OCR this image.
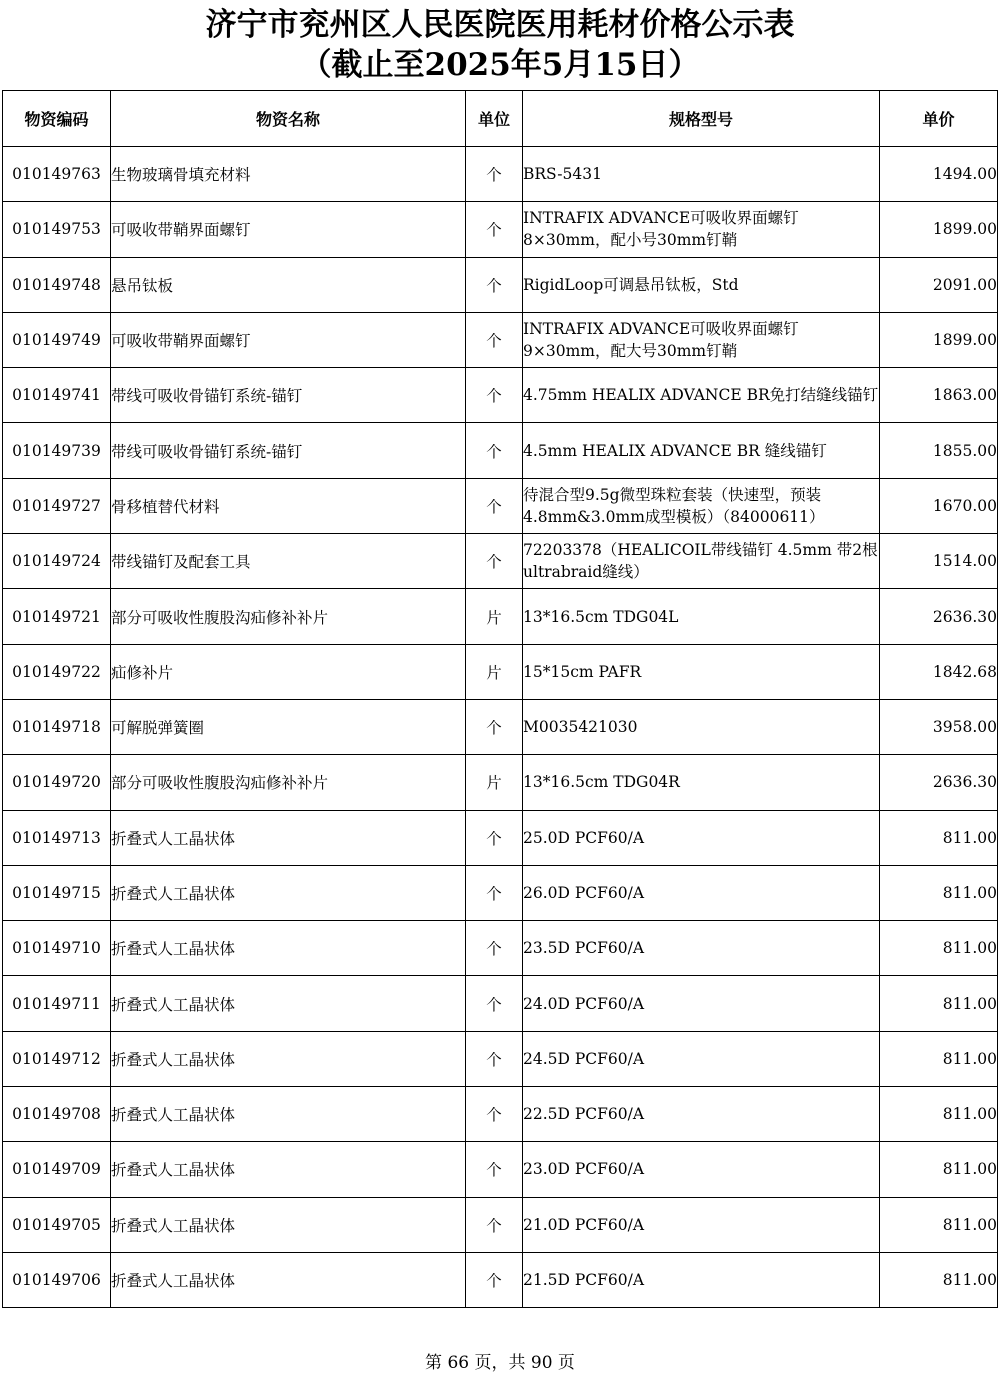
济宁市兖州区人民医院医用耗材价格公示表
（截止至2025年5月15日）
物资编码	物资名称	单位	规格型号	单价
010149763	生物玻璃骨填充材料	个	BRS-5431	1494.00
010149753	可吸收带鞘界面螺钉	个	INTRAFIX ADVANCE可吸收界面螺钉8×30mm，配小号30mm钉鞘	1899.00
010149748	悬吊钛板	个	RigidLoop可调悬吊钛板，Std	2091.00
010149749	可吸收带鞘界面螺钉	个	INTRAFIX ADVANCE可吸收界面螺钉9×30mm，配大号30mm钉鞘	1899.00
010149741	带线可吸收骨锚钉系统-锚钉	个	4.75mm HEALIX ADVANCE BR免打结缝线锚钉	1863.00
010149739	带线可吸收骨锚钉系统-锚钉	个	4.5mm HEALIX ADVANCE BR 缝线锚钉	1855.00
010149727	骨移植替代材料	个	待混合型9.5g微型珠粒套装（快速型，预装4.8mm&3.0mm成型模板）（84000611）	1670.00
010149724	带线锚钉及配套工具	个	72203378（HEALICOIL带线锚钉 4.5mm 带2根ultrabraid缝线）	1514.00
010149721	部分可吸收性腹股沟疝修补补片	片	13*16.5cm TDG04L	2636.30
010149722	疝修补片	片	15*15cm PAFR	1842.68
010149718	可解脱弹簧圈	个	M0035421030	3958.00
010149720	部分可吸收性腹股沟疝修补补片	片	13*16.5cm TDG04R	2636.30
010149713	折叠式人工晶状体	个	25.0D PCF60/A	811.00
010149715	折叠式人工晶状体	个	26.0D PCF60/A	811.00
010149710	折叠式人工晶状体	个	23.5D PCF60/A	811.00
010149711	折叠式人工晶状体	个	24.0D PCF60/A	811.00
010149712	折叠式人工晶状体	个	24.5D PCF60/A	811.00
010149708	折叠式人工晶状体	个	22.5D PCF60/A	811.00
010149709	折叠式人工晶状体	个	23.0D PCF60/A	811.00
010149705	折叠式人工晶状体	个	21.0D PCF60/A	811.00
010149706	折叠式人工晶状体	个	21.5D PCF60/A	811.00
第 66 页，共 90 页
